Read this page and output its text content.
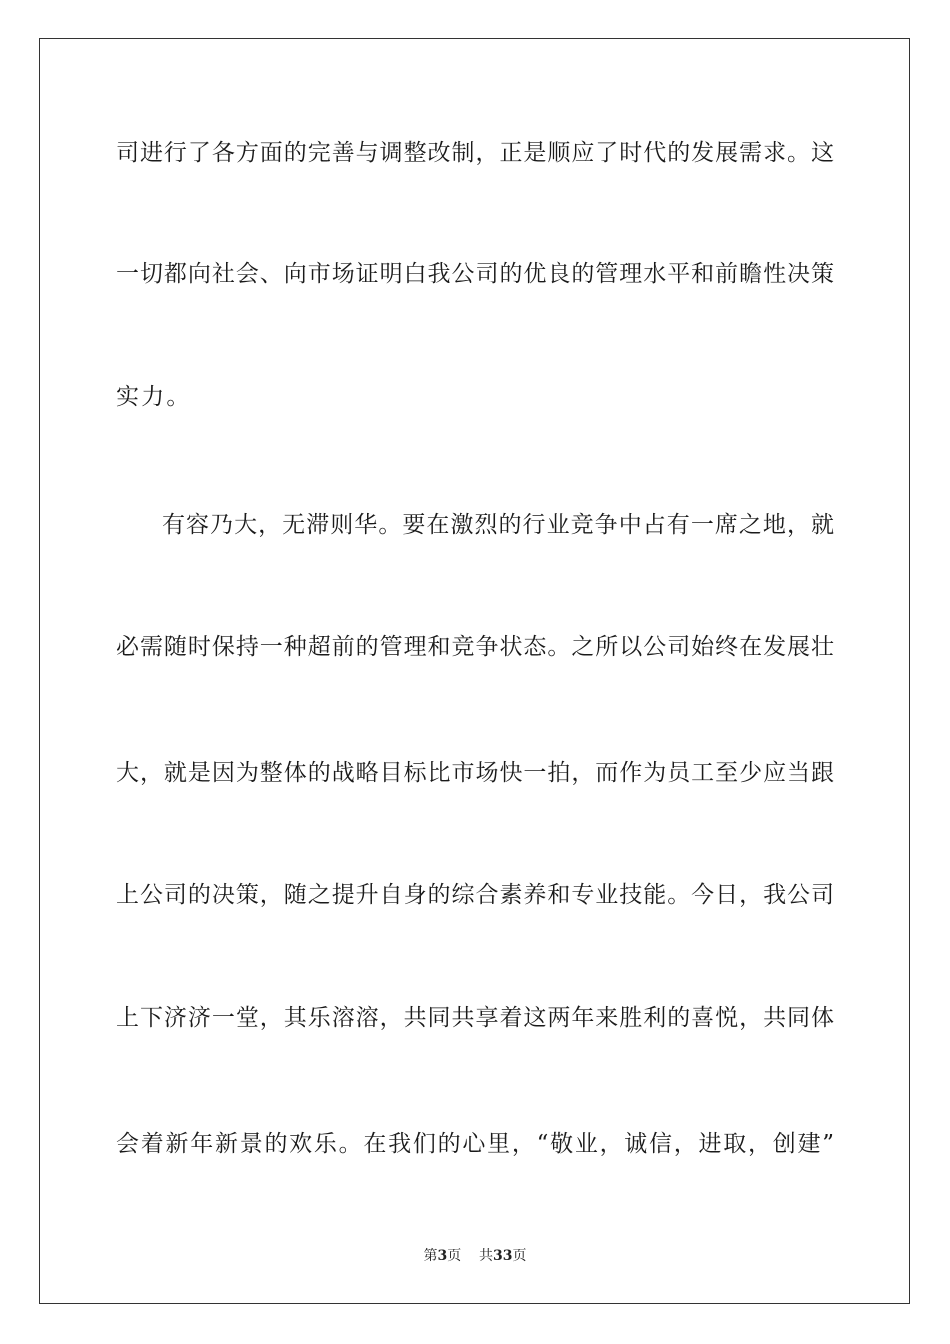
司进行了各方面的完善与调整改制，正是顺应了时代的发展需求。这
一切都向社会、向市场证明白我公司的优良的管理水平和前瞻性决策
实力。
有容乃大，无滞则华。要在激烈的行业竞争中占有一席之地，就
必需随时保持一种超前的管理和竞争状态。之所以公司始终在发展壮
大，就是因为整体的战略目标比市场快一拍，而作为员工至少应当跟
上公司的决策，随之提升自身的综合素养和专业技能。今日，我公司
上下济济一堂，其乐溶溶，共同共享着这两年来胜利的喜悦，共同体
会着新年新景的欢乐。在我们的心里，“敬业，诚信，进取，创建”
第3页 共33页
